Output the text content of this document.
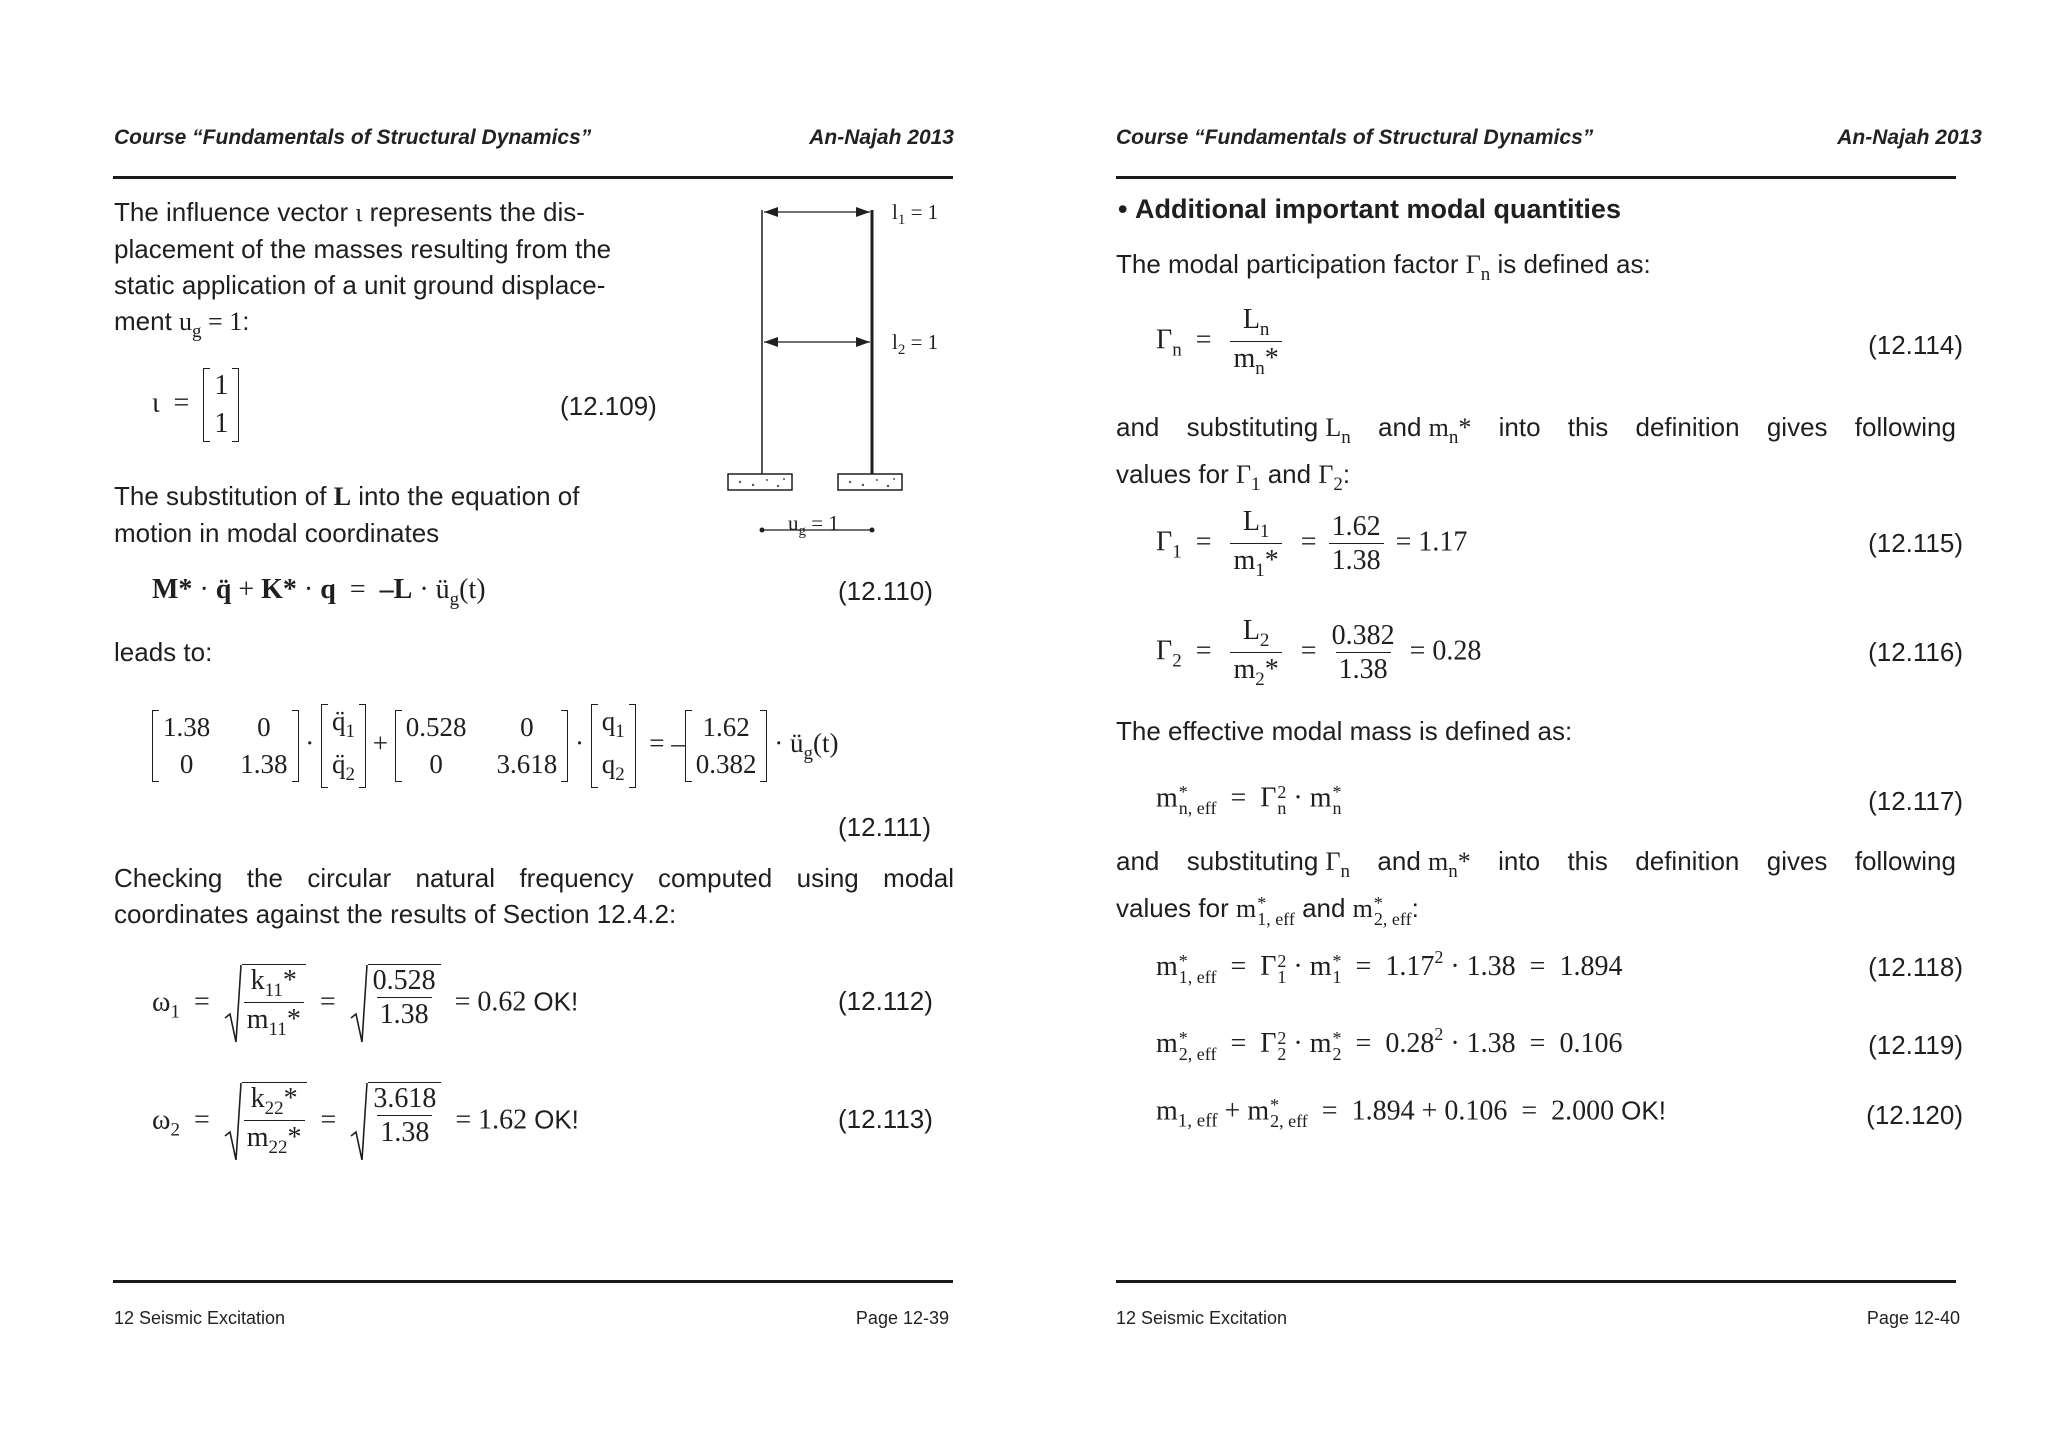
Course “Fundamentals of Structural Dynamics”	An-Najah 2013
The influence vector ι represents the dis-
placement of the masses resulting from the
static application of a unit ground displace-
ment $u_g = 1$:
$l_1 = 1$
$l_2 = 1$
$u_g = 1$
ι =
1
1
(12.109)
The substitution of L into the equation of
motion in modal coordinates
M* · q̈ + $K* \cdot q = -L \cdot ü_g(t)$	(12.110)
leads to:
1.38	0
0	1.38
·
$q̈_1$
$q̈_2$
+
0.528	0
0	3.618
·
$q_1$
$q_2$
= –
1.62
0.382
· $ü_g(t)$
(12.111)
Checking the circular natural frequency computed using modal coordinates against the results of Section 12.4.2:
$\omega_1 = \frac{k_{11}*}{m_{11}*} = \frac{0.528}{1.38} = 0.62$ OK!	(12.112)
$\omega_2 = \frac{k_{22}*}{m_{22}*} = \frac{3.618}{1.38} = 1.62$ OK!	(12.113)
12 Seismic Excitation	Page 12-39
Course “Fundamentals of Structural Dynamics”	An-Najah 2013
• Additional important modal quantities
The modal participation factor $\Gamma_n$ is defined as:
$\Gamma_n = \frac{L_n}{m_n*}$	(12.114)
and substituting $L_n$ and $m_n*$ into this definition gives following
values for $\Gamma_1$ and $\Gamma_2$:
$\Gamma_1 = \frac{L_1}{m_1*} = \frac{1.62}{1.38} = 1.17$	(12.115)
$\Gamma_2 = \frac{L_2}{m_2*} = \frac{0.382}{1.38} = 0.28$	(12.116)
The effective modal mass is defined as:
m *
n, eff =  Γ 2
n · m *
n	(12.117)
and substituting $\Gamma_n$ and $m_n*$ into this definition gives following
values for m *
1, eff and m *
2, eff :
m *
1, eff =  Γ 2
1 · m *
$1 = 1.17^2 \cdot 1.38 = 1.894$	(12.118)
m *
2, eff =  Γ 2
2 · m *
$2 = 0.28^2 \cdot 1.38 = 0.106$	(12.119)
$m_{1, eff} + m$ *
2, eff =  1.894 + 0.106  =  2.000 OK!	(12.120)
12 Seismic Excitation	Page 12-40
